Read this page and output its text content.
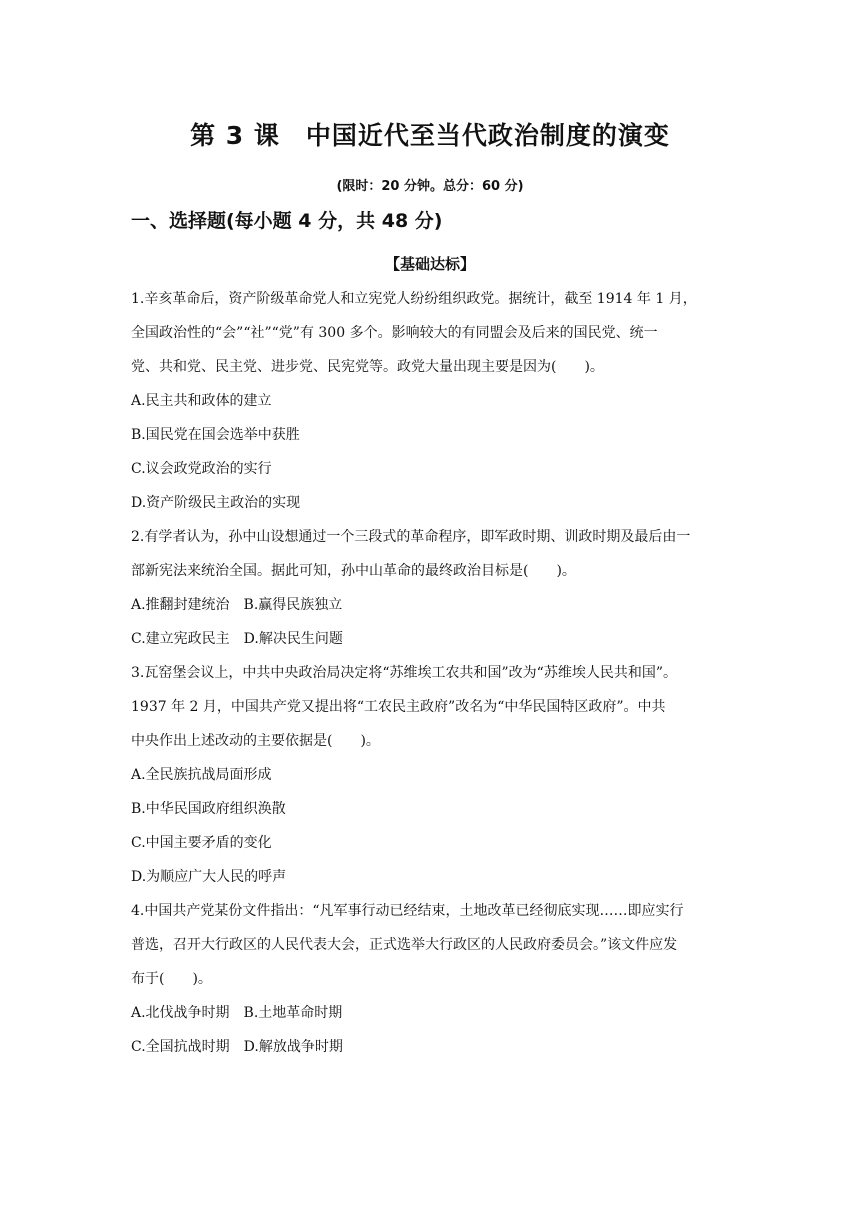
第 3 课　中国近代至当代政治制度的演变
(限时：20 分钟。总分：60 分)
一、选择题(每小题 4 分，共 48 分)
【基础达标】
1.辛亥革命后，资产阶级革命党人和立宪党人纷纷组织政党。据统计，截至 1914 年 1 月，
全国政治性的“会”“社”“党”有 300 多个。影响较大的有同盟会及后来的国民党、统一
党、共和党、民主党、进步党、民宪党等。政党大量出现主要是因为(　　)。
A.民主共和政体的建立
B.国民党在国会选举中获胜
C.议会政党政治的实行
D.资产阶级民主政治的实现
2.有学者认为，孙中山设想通过一个三段式的革命程序，即军政时期、训政时期及最后由一
部新宪法来统治全国。据此可知，孙中山革命的最终政治目标是(　　)。
A.推翻封建统治　B.赢得民族独立
C.建立宪政民主　D.解决民生问题
3.瓦窑堡会议上，中共中央政治局决定将“苏维埃工农共和国”改为“苏维埃人民共和国”。
1937 年 2 月，中国共产党又提出将“工农民主政府”改名为“中华民国特区政府”。中共
中央作出上述改动的主要依据是(　　)。
A.全民族抗战局面形成
B.中华民国政府组织涣散
C.中国主要矛盾的变化
D.为顺应广大人民的呼声
4.中国共产党某份文件指出：“凡军事行动已经结束，土地改革已经彻底实现……即应实行
普选，召开大行政区的人民代表大会，正式选举大行政区的人民政府委员会。”该文件应发
布于(　　)。
A.北伐战争时期　B.土地革命时期
C.全国抗战时期　D.解放战争时期
